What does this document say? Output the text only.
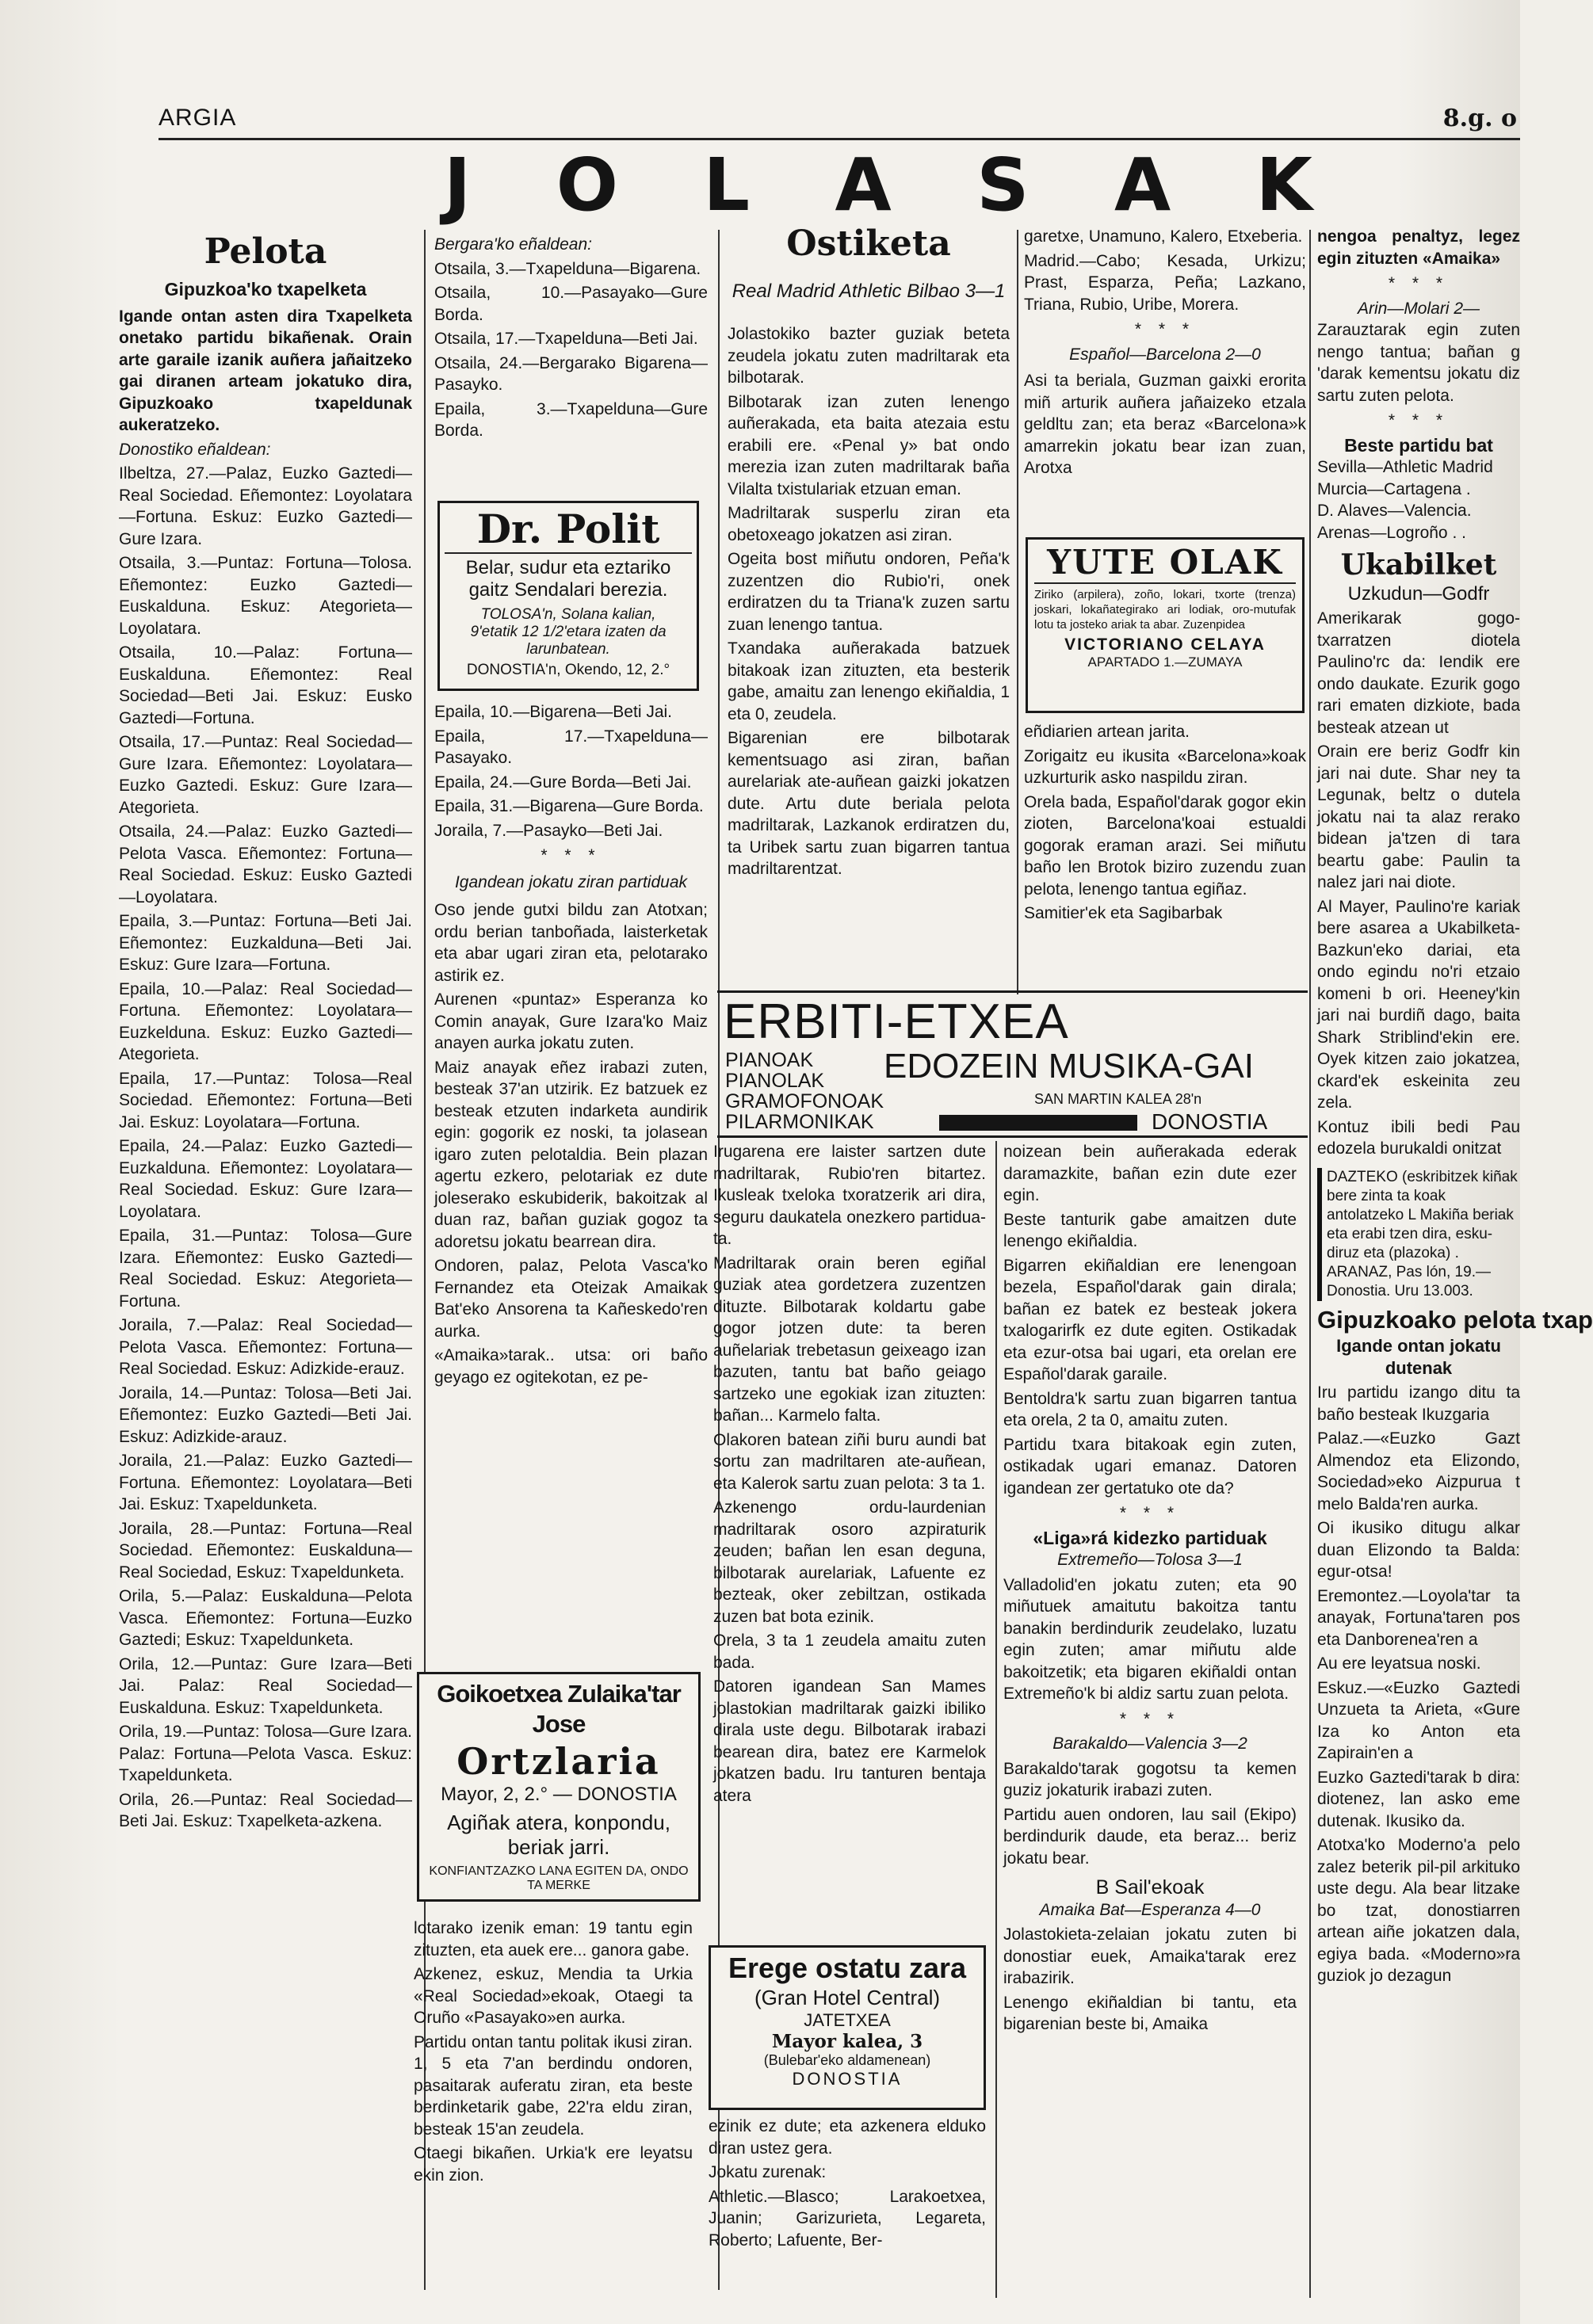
ARGIA	8.g. o
J O L A S A K
Pelota
Gipuzkoa'ko txapelketa

Igande ontan asten dira Txapelketa onetako partidu bikañenak. Orain arte garaile izanik auñera jañaitzeko gai diranen arteam jokatuko dira, Gipuzkoako txapeldunak aukeratzeko.

Donostiko eñaldean:

Ilbeltza, 27.—Palaz, Euzko Gaztedi—Real Sociedad. Eñemontez: Loyolatara—Fortuna. Eskuz: Euzko Gaztedi—Gure Izara.

Otsaila, 3.—Puntaz: Fortuna—Tolosa. Eñemontez: Euzko Gaztedi—Euskalduna. Eskuz: Ategorieta—Loyolatara.

Otsaila, 10.—Palaz: Fortuna—Euskalduna. Eñemontez: Real Sociedad—Beti Jai. Eskuz: Eusko Gaztedi—Fortuna.

Otsaila, 17.—Puntaz: Real Sociedad—Gure Izara. Eñemontez: Loyolatara—Euzko Gaztedi. Eskuz: Gure Izara—Ategorieta.

Otsaila, 24.—Palaz: Euzko Gaztedi—Pelota Vasca. Eñemontez: Fortuna—Real Sociedad. Eskuz: Eusko Gaztedi—Loyolatara.

Epaila, 3.—Puntaz: Fortuna—Beti Jai. Eñemontez: Euzkaldunа—Beti Jai. Eskuz: Gure Izara—Fortuna.

Epaila, 10.—Palaz: Real Sociedad—Fortuna. Eñemontez: Loyolatara—Euzkelduna. Eskuz: Euzko Gaztedi—Ategorieta.

Epaila, 17.—Puntaz: Tolosa—Real Sociedad. Eñemontez: Fortuna—Beti Jai. Eskuz: Loyolatara—Fortuna.

Epaila, 24.—Palaz: Euzko Gaztedi—Euzkalduna. Eñemontez: Loyolatara—Real Sociedad. Eskuz: Gure Izara—Loyolatara.

Epaila, 31.—Puntaz: Tolosa—Gure Izara. Eñemontez: Eusko Gaztedi—Real Sociedad. Eskuz: Ategorieta—Fortuna.

Joraila, 7.—Palaz: Real Sociedad—Pelota Vasca. Eñemontez: Fortuna—Real Sociedad. Eskuz: Adizkide-erauz.

Joraila, 14.—Puntaz: Tolosa—Beti Jai. Eñemontez: Euzko Gaztedi—Beti Jai. Eskuz: Adizkide-arauz.

Joraila, 21.—Palaz: Euzko Gaztedi—Fortuna. Eñemontez: Loyolatara—Beti Jai. Eskuz: Txapeldunketa.

Joraila, 28.—Puntaz: Fortuna—Real Sociedad. Eñemontez: Euskalduna—Real Sociedad, Eskuz: Txapeldunketa.

Orila, 5.—Palaz: Euskalduna—Pelota Vasca. Eñemontez: Fortuna—Euzko Gaztedi; Eskuz: Txapeldunketa.

Orila, 12.—Puntaz: Gure Izara—Beti Jai. Palaz: Real Sociedad—Euskalduna. Eskuz: Txapeldunketa.

Orila, 19.—Puntaz: Tolosa—Gure Izara. Palaz: Fortuna—Pelota Vasca. Eskuz: Txapeldunketa.

Orila, 26.—Puntaz: Real Sociedad—Beti Jai. Eskuz: Txapelketa-azkena.

Bergara'ko eñaldean:

Otsaila, 3.—Txapelduna—Bigarena.

Otsaila, 10.—Pasayako—Gure Borda.

Otsaila, 17.—Txapelduna—Beti Jai.

Otsaila, 24.—Bergarako Bigarena—Pasayko.

Epaila, 3.—Txapelduna—Gure Borda.

Dr. Polit
Belar, sudur eta eztariko
gaitz Sendalari berezia.
TOLOSA'n, Solana kalian,
9'etatik 12 1/2'etara izaten da
larunbatean.
DONOSTIA'n, Okendo, 12, 2.°

Epaila, 10.—Bigarena—Beti Jai.

Epaila, 17.—Txapelduna—Pasayako.

Epaila, 24.—Gure Borda—Beti Jai.

Epaila, 31.—Bigarena—Gure Borda.

Joraila, 7.—Pasayko—Beti Jai.

* * *
Igandean jokatu ziran partiduak

Oso jende gutxi bildu zan Atotxan; ordu berian tanboñada, laisterketak eta abar ugari ziran eta, pelotarako astirik ez.

Aurenen «puntaz» Esperanza ko Comin anayak, Gure Izara'ko Maiz anayen aurka jokatu zuten.

Maiz anayak eñez irabazi zuten, besteak 37'an utzirik. Ez batzuek ez besteak etzuten indarketa aundirik egin: gogorik ez noski, ta jolasean igaro zuten pelotaldia. Bein plazan agertu ezkero, pelotariak ez dute joleserako eskubiderik, bakoitzak al duan raz, bañan guziak gogoz ta adoretsu jokatu bearrean dira.

Ondoren, palaz, Pelota Vasca'ko Fernandez eta Oteizak Amaikak Bat'eko Ansorena ta Kañeskedo'ren aurka.

«Amaika»tarak.. utsa: ori baño geyago ez ogitekotan, ez pe-

Goikoetxea Zulaika'tar Jose
Ortzlaria
Mayor, 2, 2.° — DONOSTIA
Agiñak atera, konpondu, beriak jarri.
KONFIANTZAZKO LANA EGITEN DA, ONDO TA MERKE

lotarako izenik eman: 19 tantu egin zituzten, eta auek ere... ganora gabe.

Azkenez, eskuz, Mendia ta Urkia «Real Sociedad»ekoak, Otaegi ta Oruño «Pasayako»en aurka.

Partidu ontan tantu politak ikusi ziran. 1, 5 eta 7'an berdindu ondoren, pasaitarak auferatu ziran, eta beste berdinketarik gabe, 22'ra eldu ziran, besteak 15'an zeudela.

Otaegi bikañen. Urkia'k ere leyatsu ekin zion.

Ostiketa
Real Madrid Athletic Bilbao 3—1

Jolastokiko bazter guziak beteta zeudela jokatu zuten madriltarak eta bilbotarak.

Bilbotarak izan zuten lenengo auñerakada, eta baita atezaia estu erabili ere. «Penal y» bat ondo merezia izan zuten madriltarak baña Vilalta txistulariak etzuan eman.

Madriltarak susperlu ziran eta obetoxeago jokatzen asi ziran.

Ogeita bost miñutu ondoren, Peña'k zuzentzen dio Rubio'ri, onek erdiratzen du ta Triana'k zuzen sartu zuan lenengo tantua.

Txandaka auñerakada batzuek bitakoak izan zituzten, eta besterik gabe, amaitu zan lenengo ekiñaldia, 1 eta 0, zeudela.

Bigarenian ere bilbotarak kementsuago asi ziran, bañan aurelariak ate-auñean gaizki jokatzen dute. Artu dute beriala pelota madriltarak, Lazkanok erdiratzen du, ta Uribek sartu zuan bigarren tantua madriltarentzat.

garetxe, Unamuno, Kalero, Etxeberia.

Madrid.—Cabo; Kesada, Urkizu; Prast, Esparza, Peña; Lazkano, Triana, Rubio, Uribe, Morera.

* * *
Español—Barcelona 2—0

Asi ta beriala, Guzman gaixki erorita miñ arturik auñera jañaizeko etzala geldltu zan; eta beraz «Barcelona»k amarrekin jokatu bear izan zuan, Arotxa

YUTE OLAK
Ziriko (arpilera), zoño, lokari, txorte (trenza) joskari, lokañategirako ari lodiak, oro-mutufak lotu ta josteko ariak ta abar. Zuzenpidea
VICTORIANO CELAYA
APARTADO 1.—ZUMAYA

eñdiarien artean jarita.

Zorigaitz eu ikusita «Barcelona»koak uzkurturik asko naspildu ziran.

Orela bada, Español'darak gogor ekin zioten, Barcelona'koai estualdi gogorak eraman arazi. Sei miñutu baño len Brotok biziro zuzendu zuan pelota, lenengo tantua egiñaz.

Samitier'ek eta Sagibarbak

ERBITI-ETXEA
PIANOAK
PIANOLAK
GRAMOFONOAK
PILARMONIKAK
EDOZEIN MUSIKA-GAI
SAN MARTIN KALEA 28'n
DONOSTIA

Irugarena ere laister sartzen dute madriltarak, Rubio'ren bitartez. Ikusleak txeloka txoratzerik ari dira, seguru daukatela onezkero partidua-ta.

Madriltarak orain beren egiñal guziak atea gordetzera zuzentzen dituzte. Bilbotarak koldartu gabe gogor jotzen dute: ta beren auñelariak trebetasun geixeago izan bazuten, tantu bat baño geiago sartzeko une egokiak izan zituzten: bañan... Karmelo falta.

Olakoren batean ziñi buru aundi bat sortu zan madriltaren ate-auñean, eta Kalerok sartu zuan pelota: 3 ta 1.

Azkenengo ordu-laurdenian madriltarak osoro azpiraturik zeuden; bañan len esan deguna, bilbotarak aurelariak, Lafuente ez bezteak, oker zebiltzan, ostikada zuzen bat bota ezinik.

Orela, 3 ta 1 zeudela amaitu zuten bada.

Datoren igandean San Mames jolastokian madriltarak gaizki ibiliko dirala uste degu. Bilbotarak irabazi bearean dira, batez ere Karmelok jokatzen badu. Iru tanturen bentaja atera

Erege ostatu zara
(Gran Hotel Central)
JATETXEA
Mayor kalea, 3
(Bulebar'eko aldamenean)
DONOSTIA

ezinik ez dute; eta azkenera elduko diran ustez gera.

Jokatu zurenak:

Athletic.—Blasco; Larakoetxea, Juanin; Garizurieta, Legareta, Roberto; Lafuente, Ber-

noizean bein auñerakada ederak daramazkite, bañan ezin dute ezer egin.

Beste tanturik gabe amaitzen dute lenengo ekiñaldia.

Bigarren ekiñaldian ere lenengoan bezela, Español'darak gain dirala; bañan ez batek ez besteak jokera txalogarirfk ez dute egiten. Ostikadak eta ezur-otsa bai ugari, eta orelan ere Español'darak garaile.

Bentoldra'k sartu zuan bigarren tantua eta orela, 2 ta 0, amaitu zuten.

Partidu txara bitakoak egin zuten, ostikadak ugari emanaz. Datoren igandean zer gertatuko ote da?

* * *
«Liga»rá kidezko partiduak
Extremeño—Tolosa 3—1

Valladolid'en jokatu zuten; eta 90 miñutuek amaitutu bakoitza tantu banakin berdindurik zeudelako, luzatu egin zuten; amar miñutu alde bakoitzetik; eta bigaren ekiñaldi ontan Extremeño'k bi aldiz sartu zuan pelota.

* * *
Barakaldo—Valencia 3—2

Barakaldo'tarak gogotsu ta kemen guziz jokaturik irabazi zuten.

Partidu auen ondoren, lau sail (Ekipo) berdindurik daude, eta beraz... beriz jokatu bear.

B Sail'ekoak
Amaika Bat—Esperanza 4—0

Jolastokieta-zelaian jokatu zuten bi donostiar euek, Amaika'tarak erez irabazirik.

Lenengo ekiñaldian bi tantu, eta bigarenian beste bi, Amaika

nengoa penaltyz, legez egin zituzten «Amaika»

* * *
Arin—Molari 2—

Zarauztarak egin zuten nengo tantua; bañan g 'darak kementsu jokatu diz sartu zuten pelota.

* * *
Beste partidu bat
Sevilla—Athletic Madrid
Murcia—Cartagena .
D. Alaves—Valencia.
Arenas—Logroño . .
Ukabilket
Uzkudun—Godfr

Amerikarak gogo-txarratzen diotela Paulino'rc da: Iendik ere ondo daukate. Ezurik gogo rari ematen dizkiote, bada besteak atzean ut

Orain ere beriz Godfr kin jari nai dute. Shar ney ta Legunak, beltz o dutela jokatu nai ta alaz rerako bidean ja'tzen di tara beartu gabe: Paulin ta nalez jari nai diote.

Al Mayer, Paulino're kariak bere asarea a Ukabilketa-Bazkun'eko dariai, eta ondo egindu no'ri etzaio komeni b ori. Heeney'kin jari nai burdiñ dago, baita Shark Striblind'ekin ere. Oyek kitzen zaio jokatzea, ckard'ek eskeinita zeu zela.

Kontuz ibili bedi Pau edozela burukaldi onitzat

DAZTEKO (eskribitzek kiñak bere zinta ta koak antolatzeko L Makiña beriak eta erabi tzen dira, esku-diruz eta (plazoka) . ARANAZ, Pas lón, 19.—Donostia. Uru 13.003.
Gipuzkoako pelota txap
Igande ontan jokatu dutenak

Iru partidu izango ditu ta baño besteak Ikuzgaria

Palaz.—«Euzko Gazt Almendoz eta Elizondo, Sociedad»eko Aizpurua t melo Balda'ren aurka.

Oi ikusiko ditugu alkar duan Elizondo ta Balda: egur-otsa!

Eremontez.—Loyola'tar ta anayak, Fortuna'taren pos eta Danborenea'ren a

Au ere leyatsua noski.

Eskuz.—«Euzko Gaztedi Unzueta ta Arieta, «Gure Iza ko Anton eta Zapirain'en a

Euzko Gaztedi'tarak b dira: diotenez, lan asko eme dutenak. Ikusiko da.

Atotxa'ko Moderno'a pelo zalez beterik pil-pil arkituko uste degu. Ala bear litzake bo tzat, donostiarren artean aiñe jokatzen dala, egiya bada. «Moderno»ra guziok jo dezagun
